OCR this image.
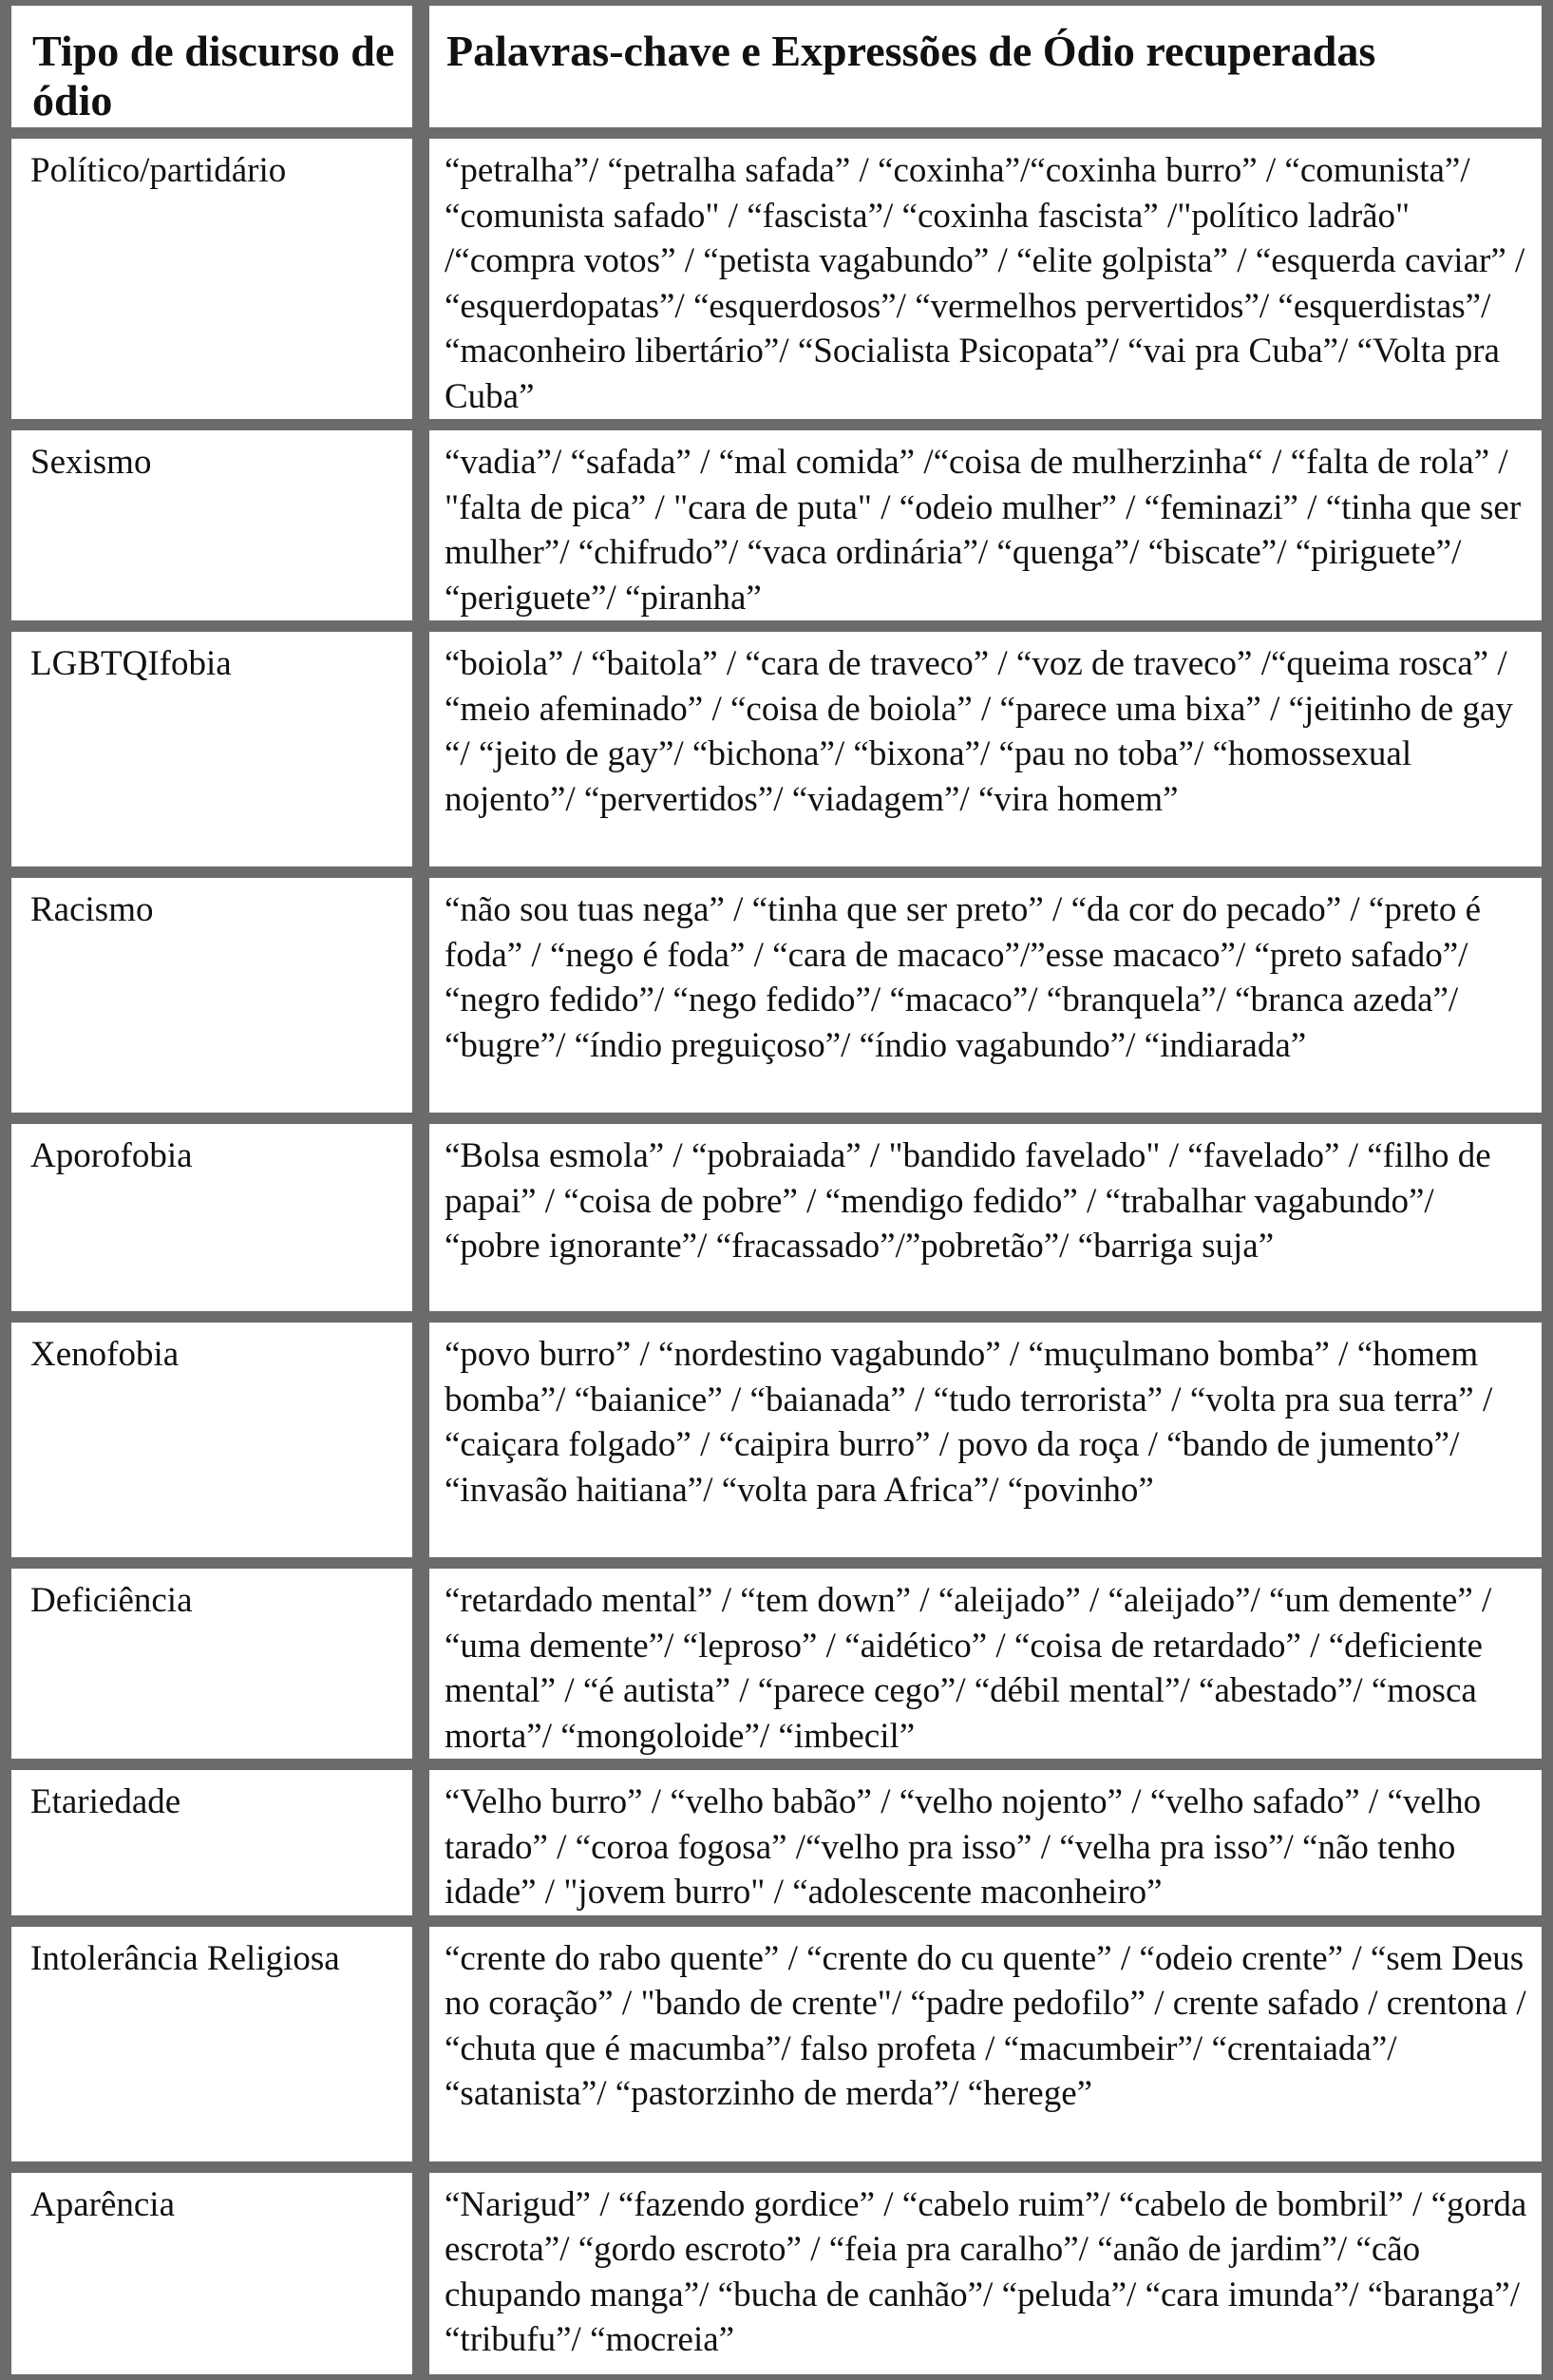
Tipo de discurso de ódio	Palavras-chave e Expressões de Ódio recuperadas
Político/partidário	“petralha”/ “petralha safada” / “coxinha”/“coxinha burro” / “comunista”/ “comunista safado" / “fascista”/ “coxinha fascista” /"político ladrão" /“compra votos” / “petista vagabundo” / “elite golpista” / “esquerda caviar” / “esquerdopatas”/ “esquerdosos”/ “vermelhos pervertidos”/ “esquerdistas”/ “maconheiro libertário”/ “Socialista Psicopata”/ “vai pra Cuba”/ “Volta pra Cuba”
Sexismo	“vadia”/ “safada” / “mal comida” /“coisa de mulherzinha“ / “falta de rola” / "falta de pica” / "cara de puta" / “odeio mulher” / “feminazi” / “tinha que ser mulher”/ “chifrudo”/ “vaca ordinária”/ “quenga”/ “biscate”/ “piriguete”/ “periguete”/ “piranha”
LGBTQIfobia	“boiola” / “baitola” / “cara de traveco” / “voz de traveco” /“queima rosca” / “meio afeminado” / “coisa de boiola” / “parece uma bixa” / “jeitinho de gay “/ “jeito de gay”/ “bichona”/ “bixona”/ “pau no toba”/ “homossexual nojento”/ “pervertidos”/ “viadagem”/ “vira homem”
Racismo	“não sou tuas nega” / “tinha que ser preto” / “da cor do pecado” / “preto é foda” / “nego é foda” / “cara de macaco”/”esse macaco”/ “preto safado”/ “negro fedido”/ “nego fedido”/ “macaco”/ “branquela”/ “branca azeda”/ “bugre”/ “índio preguiçoso”/ “índio vagabundo”/ “indiarada”
Aporofobia	“Bolsa esmola” / “pobraiada” / "bandido favelado" / “favelado” / “filho de papai” / “coisa de pobre” / “mendigo fedido” / “trabalhar vagabundo”/ “pobre ignorante”/ “fracassado”/”pobretão”/ “barriga suja”
Xenofobia	“povo burro” / “nordestino vagabundo” / “muçulmano bomba” / “homem bomba”/ “baianice” / “baianada” / “tudo terrorista” / “volta pra sua terra” / “caiçara folgado” / “caipira burro” / povo da roça / “bando de jumento”/ “invasão haitiana”/ “volta para Africa”/ “povinho”
Deficiência	“retardado mental” / “tem down” / “aleijado” / “aleijado”/ “um demente” / “uma demente”/ “leproso” / “aidético” / “coisa de retardado” / “deficiente mental” / “é autista” / “parece cego”/ “débil mental”/ “abestado”/ “mosca morta”/ “mongoloide”/ “imbecil”
Etariedade	“Velho burro” / “velho babão” / “velho nojento” / “velho safado” / “velho tarado” / “coroa fogosa” /“velho pra isso” / “velha pra isso”/ “não tenho idade” / "jovem burro" / “adolescente maconheiro”
Intolerância Religiosa	“crente do rabo quente” / “crente do cu quente” / “odeio crente” / “sem Deus no coração” / "bando de crente"/ “padre pedofilo” / crente safado / crentona / “chuta que é macumba”/ falso profeta / “macumbeir”/ “crentaiada”/ “satanista”/ “pastorzinho de merda”/ “herege”
Aparência	“Narigud” / “fazendo gordice” / “cabelo ruim”/ “cabelo de bombril” / “gorda escrota”/ “gordo escroto” / “feia pra caralho”/ “anão de jardim”/ “cão chupando manga”/ “bucha de canhão”/ “peluda”/ “cara imunda”/ “baranga”/ “tribufu”/ “mocreia”
